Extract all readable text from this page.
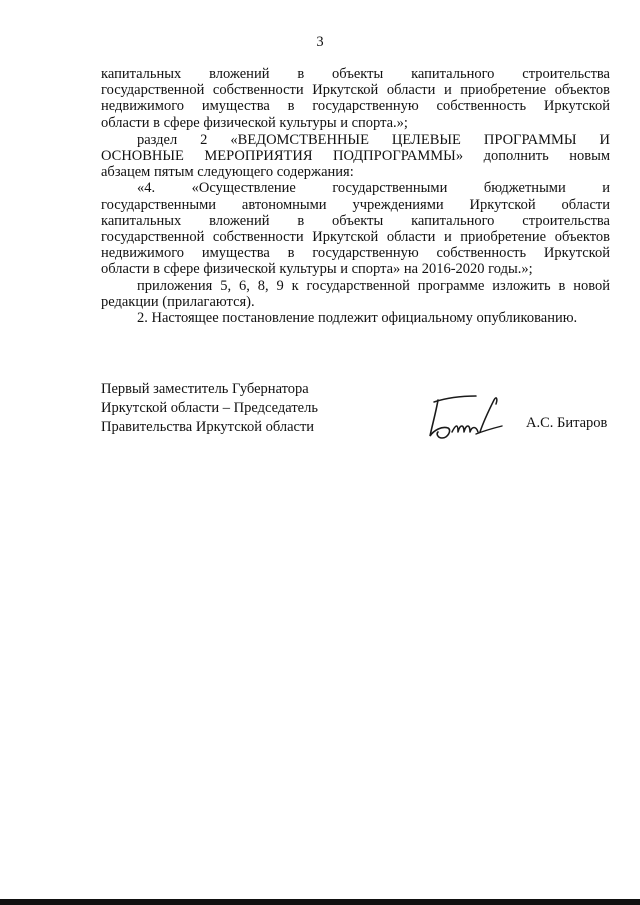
3
капитальных вложений в объекты капитального строительства
государственной собственности Иркутской области и приобретение объектов
недвижимого имущества в государственную собственность Иркутской
области в сфере физической культуры и спорта.»;
раздел 2 «ВЕДОМСТВЕННЫЕ ЦЕЛЕВЫЕ ПРОГРАММЫ И
ОСНОВНЫЕ МЕРОПРИЯТИЯ ПОДПРОГРАММЫ» дополнить новым
абзацем пятым следующего содержания:
«4. «Осуществление государственными бюджетными и
государственными автономными учреждениями Иркутской области
капитальных вложений в объекты капитального строительства
государственной собственности Иркутской области и приобретение объектов
недвижимого имущества в государственную собственность Иркутской
области в сфере физической культуры и спорта» на 2016-2020 годы.»;
приложения 5, 6, 8, 9 к государственной программе изложить в новой
редакции (прилагаются).
2. Настоящее постановление подлежит официальному опубликованию.
Первый заместитель Губернатора
Иркутской области – Председатель
Правительства Иркутской области	А.С. Битаров
